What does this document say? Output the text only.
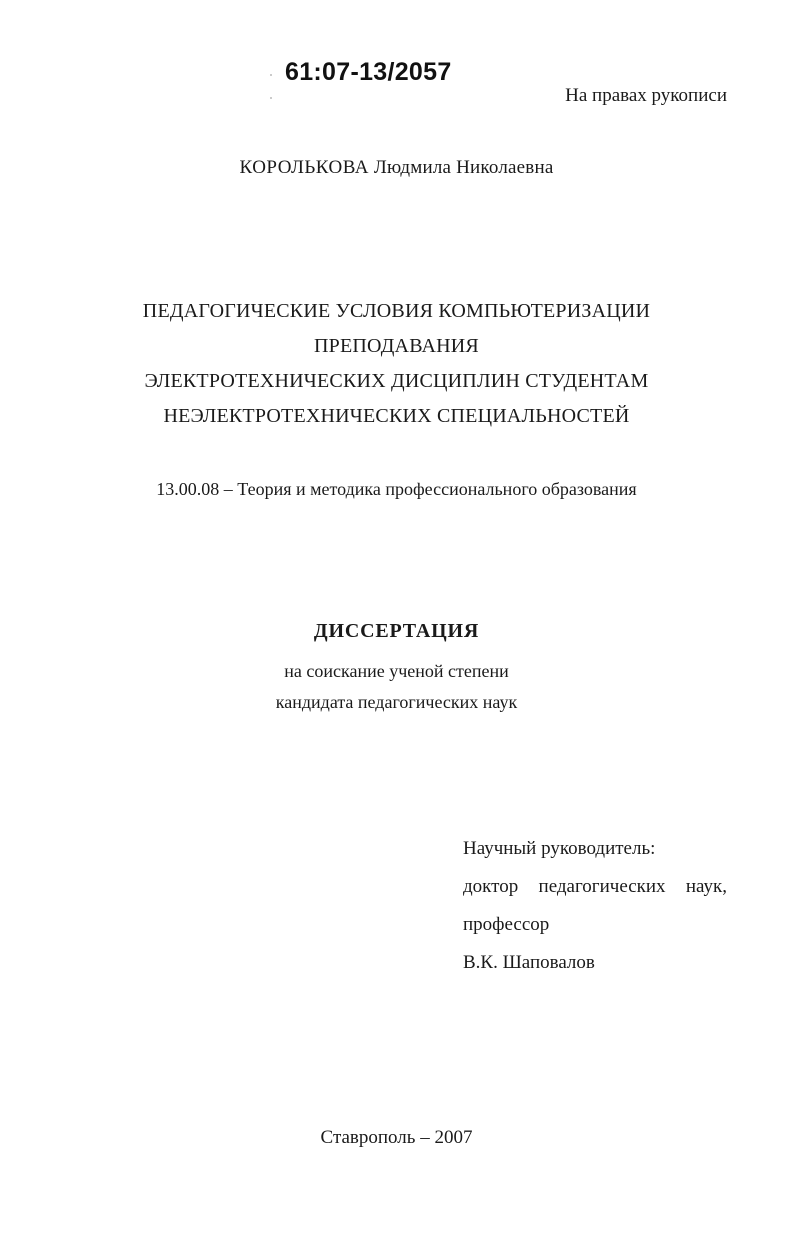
61:07-13/2057
На правах рукописи
КОРОЛЬКОВА Людмила Николаевна
ПЕДАГОГИЧЕСКИЕ УСЛОВИЯ КОМПЬЮТЕРИЗАЦИИ
ПРЕПОДАВАНИЯ
ЭЛЕКТРОТЕХНИЧЕСКИХ ДИСЦИПЛИН СТУДЕНТАМ
НЕЭЛЕКТРОТЕХНИЧЕСКИХ СПЕЦИАЛЬНОСТЕЙ
13.00.08 – Теория и методика профессионального образования
ДИССЕРТАЦИЯ
на соискание ученой степени
кандидата педагогических наук
Научный руководитель:
доктор педагогических наук,
профессор
В.К. Шаповалов
Ставрополь – 2007
